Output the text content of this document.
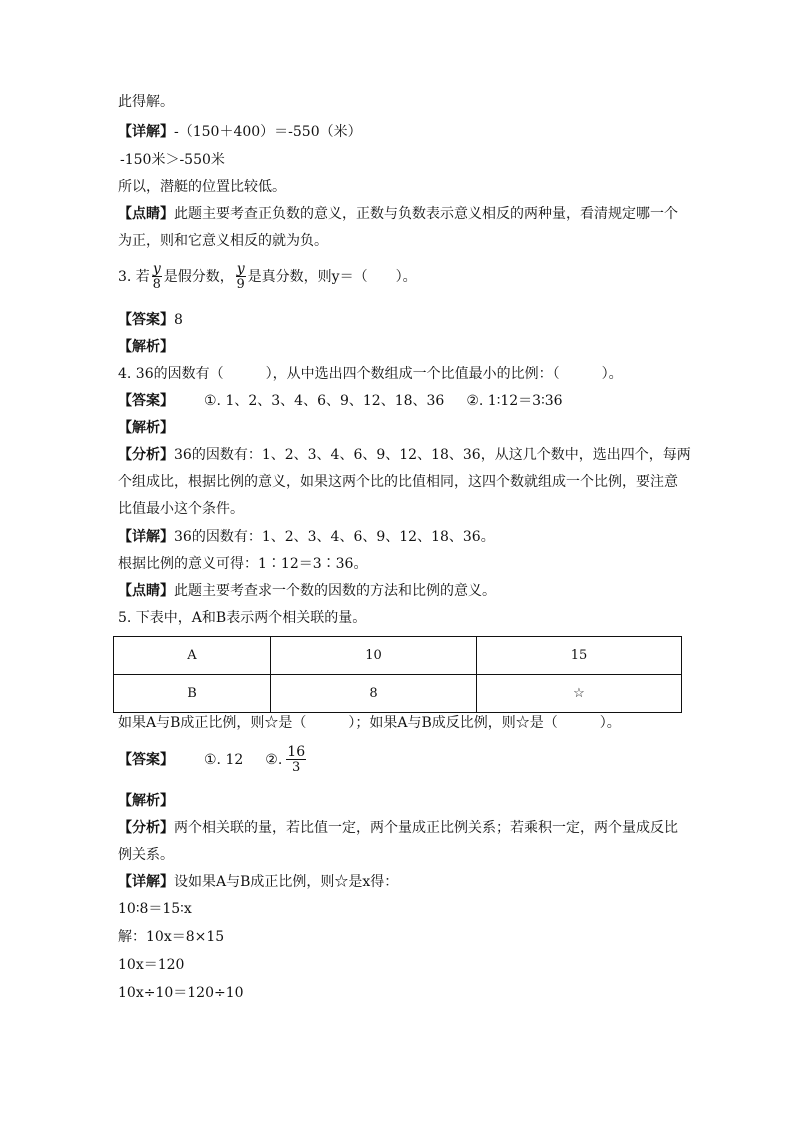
此得解。
【详解】-（150＋400）＝-550（米）
-150米＞-550米
所以，潜艇的位置比较低。
【点睛】此题主要考查正负数的意义，正数与负数表示意义相反的两种量，看清规定哪一个
为正，则和它意义相反的就为负。
3. 若 $\frac{y}{8}$ 是假分数， $\frac{y}{9}$ 是真分数，则y＝（　　）。
【答案】8
【解析】
4. 36的因数有（　　　），从中选出四个数组成一个比值最小的比例：（　　　）。
【答案】 ①. 1、2、3、4、6、9、12、18、36 ②. 1∶12＝3∶36
【解析】
【分析】36的因数有：1、2、3、4、6、9、12、18、36，从这几个数中，选出四个，每两
个组成比，根据比例的意义，如果这两个比的比值相同，这四个数就组成一个比例，要注意
比值最小这个条件。
【详解】36的因数有：1、2、3、4、6、9、12、18、36。
根据比例的意义可得：1∶12＝3∶36。
【点睛】此题主要考查求一个数的因数的方法和比例的意义。
5. 下表中，A和B表示两个相关联的量。
A	10	15
B	8	☆
如果A与B成正比例，则☆是（　　　）；如果A与B成反比例，则☆是（　　　）。
【答案】 ①. 12 ②. $\frac{16}{3}$
【解析】
【分析】两个相关联的量，若比值一定，两个量成正比例关系；若乘积一定，两个量成反比
例关系。
【详解】设如果A与B成正比例，则☆是x得：
10∶8＝15∶x
解：10x＝8×15
10x＝120
10x÷10＝120÷10
